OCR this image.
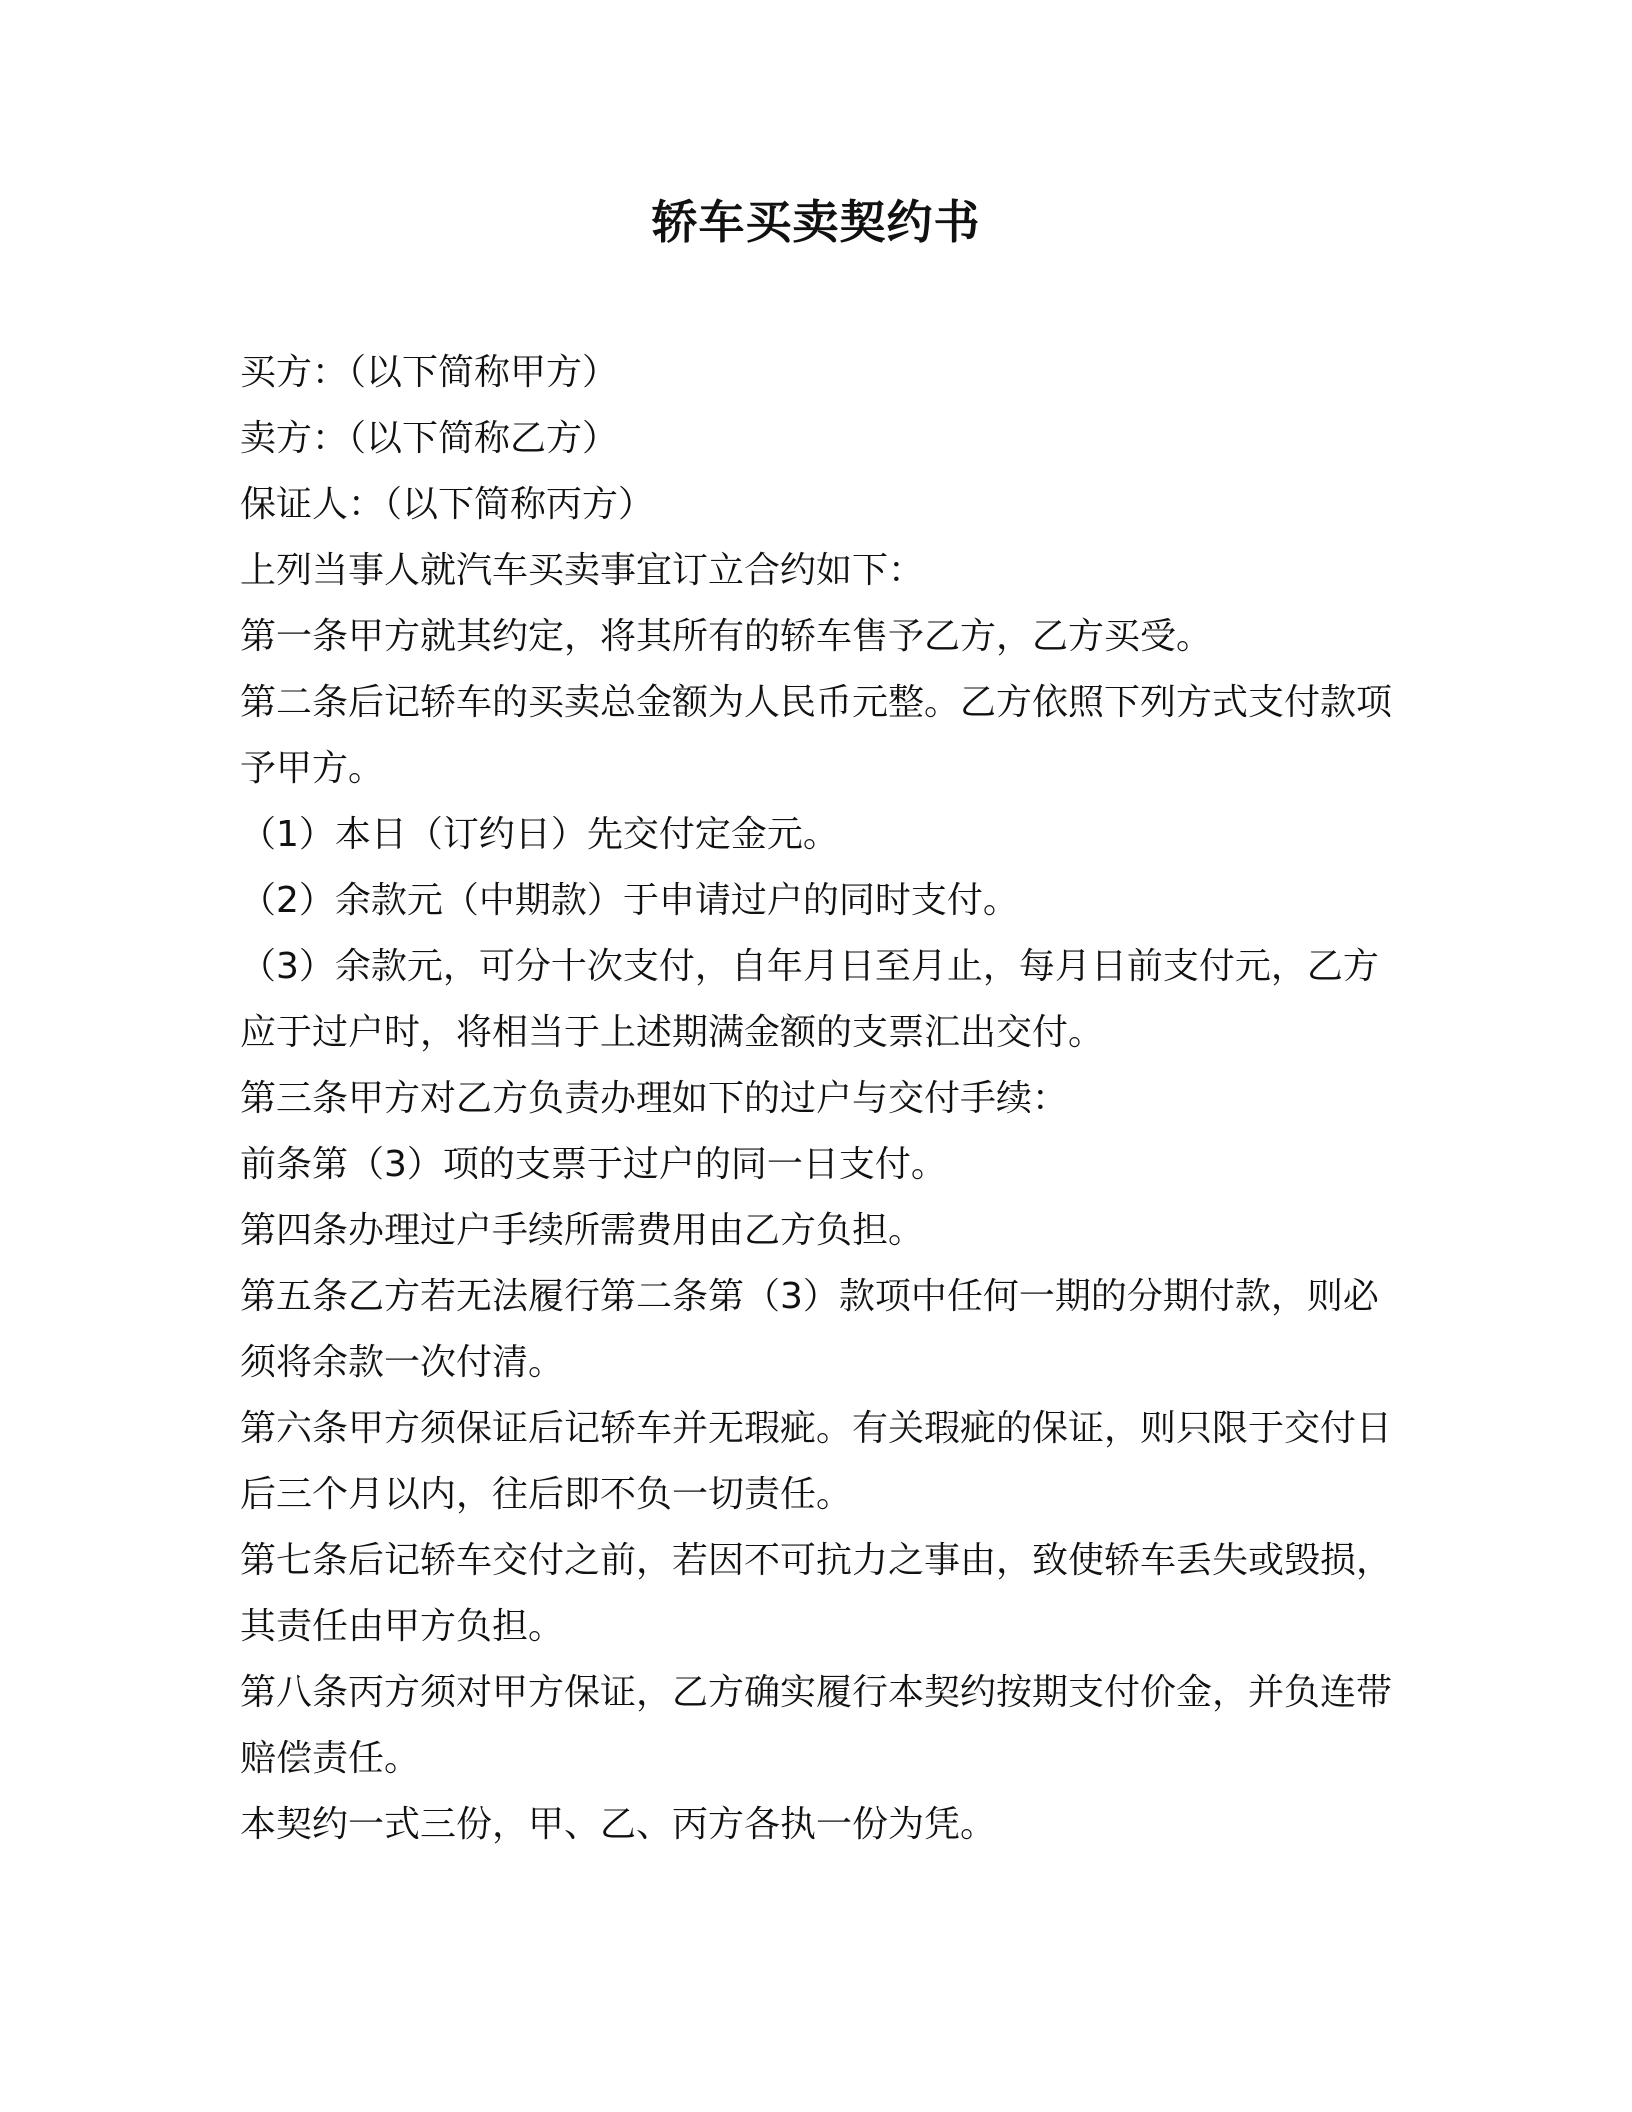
轿车买卖契约书

买方：（以下简称甲方）

卖方：（以下简称乙方）

保证人：（以下简称丙方）

上列当事人就汽车买卖事宜订立合约如下：

第一条甲方就其约定，将其所有的轿车售予乙方，乙方买受。

第二条后记轿车的买卖总金额为人民币元整。乙方依照下列方式支付款项予甲方。

（1）本日（订约日）先交付定金元。

（2）余款元（中期款）于申请过户的同时支付。

（3）余款元，可分十次支付，自年月日至月止，每月日前支付元，乙方应于过户时，将相当于上述期满金额的支票汇出交付。

第三条甲方对乙方负责办理如下的过户与交付手续：

前条第（3）项的支票于过户的同一日支付。

第四条办理过户手续所需费用由乙方负担。

第五条乙方若无法履行第二条第（3）款项中任何一期的分期付款，则必须将余款一次付清。

第六条甲方须保证后记轿车并无瑕疵。有关瑕疵的保证，则只限于交付日后三个月以内，往后即不负一切责任。

第七条后记轿车交付之前，若因不可抗力之事由，致使轿车丢失或毁损，其责任由甲方负担。

第八条丙方须对甲方保证，乙方确实履行本契约按期支付价金，并负连带赔偿责任。

本契约一式三份，甲、乙、丙方各执一份为凭。
